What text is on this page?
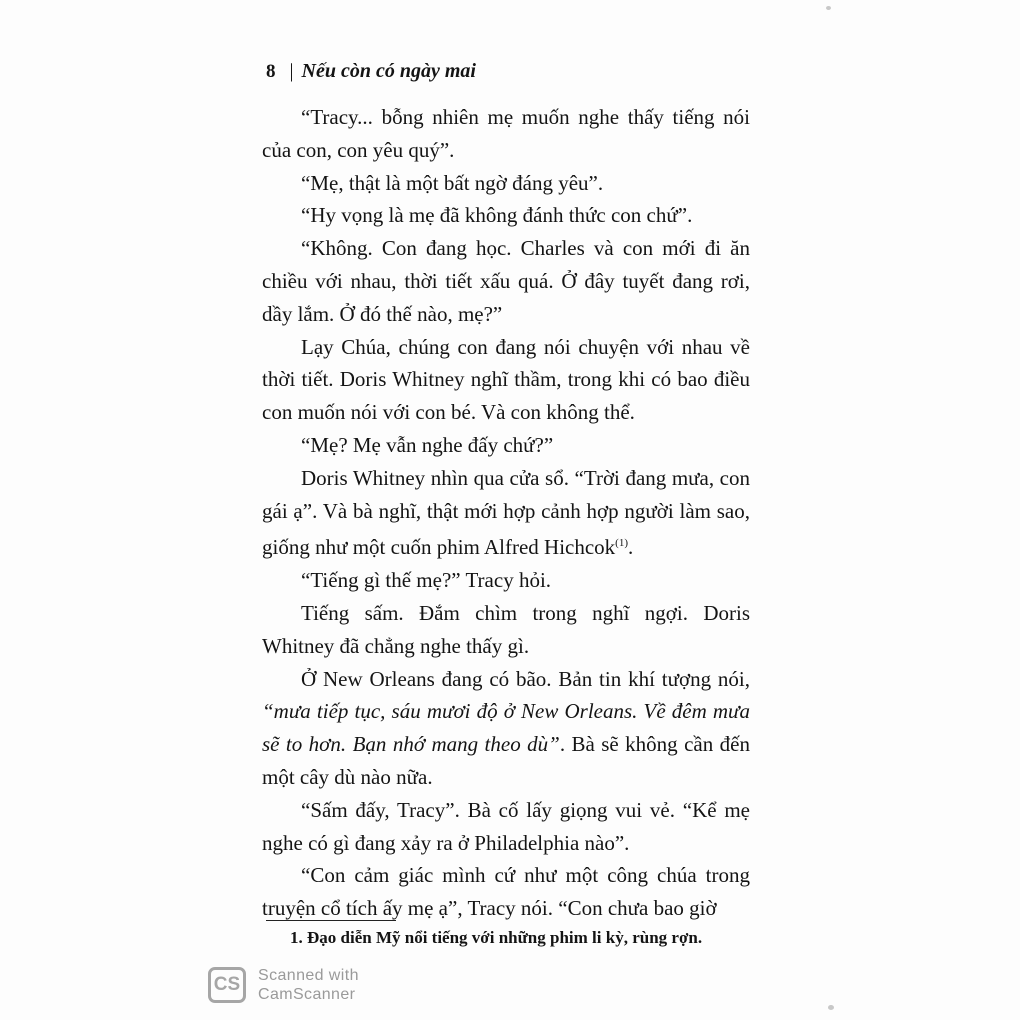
8 | Nếu còn có ngày mai

“Tracy... bỗng nhiên mẹ muốn nghe thấy tiếng nói của con, con yêu quý”.

“Mẹ, thật là một bất ngờ đáng yêu”.

“Hy vọng là mẹ đã không đánh thức con chứ”.

“Không. Con đang học. Charles và con mới đi ăn chiều với nhau, thời tiết xấu quá. Ở đây tuyết đang rơi, dầy lắm. Ở đó thế nào, mẹ?”

Lạy Chúa, chúng con đang nói chuyện với nhau về thời tiết. Doris Whitney nghĩ thầm, trong khi có bao điều con muốn nói với con bé. Và con không thể.

“Mẹ? Mẹ vẫn nghe đấy chứ?”

Doris Whitney nhìn qua cửa sổ. “Trời đang mưa, con gái ạ”. Và bà nghĩ, thật mới hợp cảnh hợp người làm sao, giống như một cuốn phim Alfred Hichcok$^{(1)}$.

“Tiếng gì thế mẹ?” Tracy hỏi.

Tiếng sấm. Đắm chìm trong nghĩ ngợi. Doris Whitney đã chẳng nghe thấy gì.

Ở New Orleans đang có bão. Bản tin khí tượng nói, “mưa tiếp tục, sáu mươi độ ở New Orleans. Về đêm mưa sẽ to hơn. Bạn nhớ mang theo dù”. Bà sẽ không cần đến một cây dù nào nữa.

“Sấm đấy, Tracy”. Bà cố lấy giọng vui vẻ. “Kể mẹ nghe có gì đang xảy ra ở Philadelphia nào”.

“Con cảm giác mình cứ như một công chúa trong truyện cổ tích ấy mẹ ạ”, Tracy nói. “Con chưa bao giờ

1. Đạo diễn Mỹ nổi tiếng với những phim li kỳ, rùng rợn.
CS	Scanned with
CamScanner
